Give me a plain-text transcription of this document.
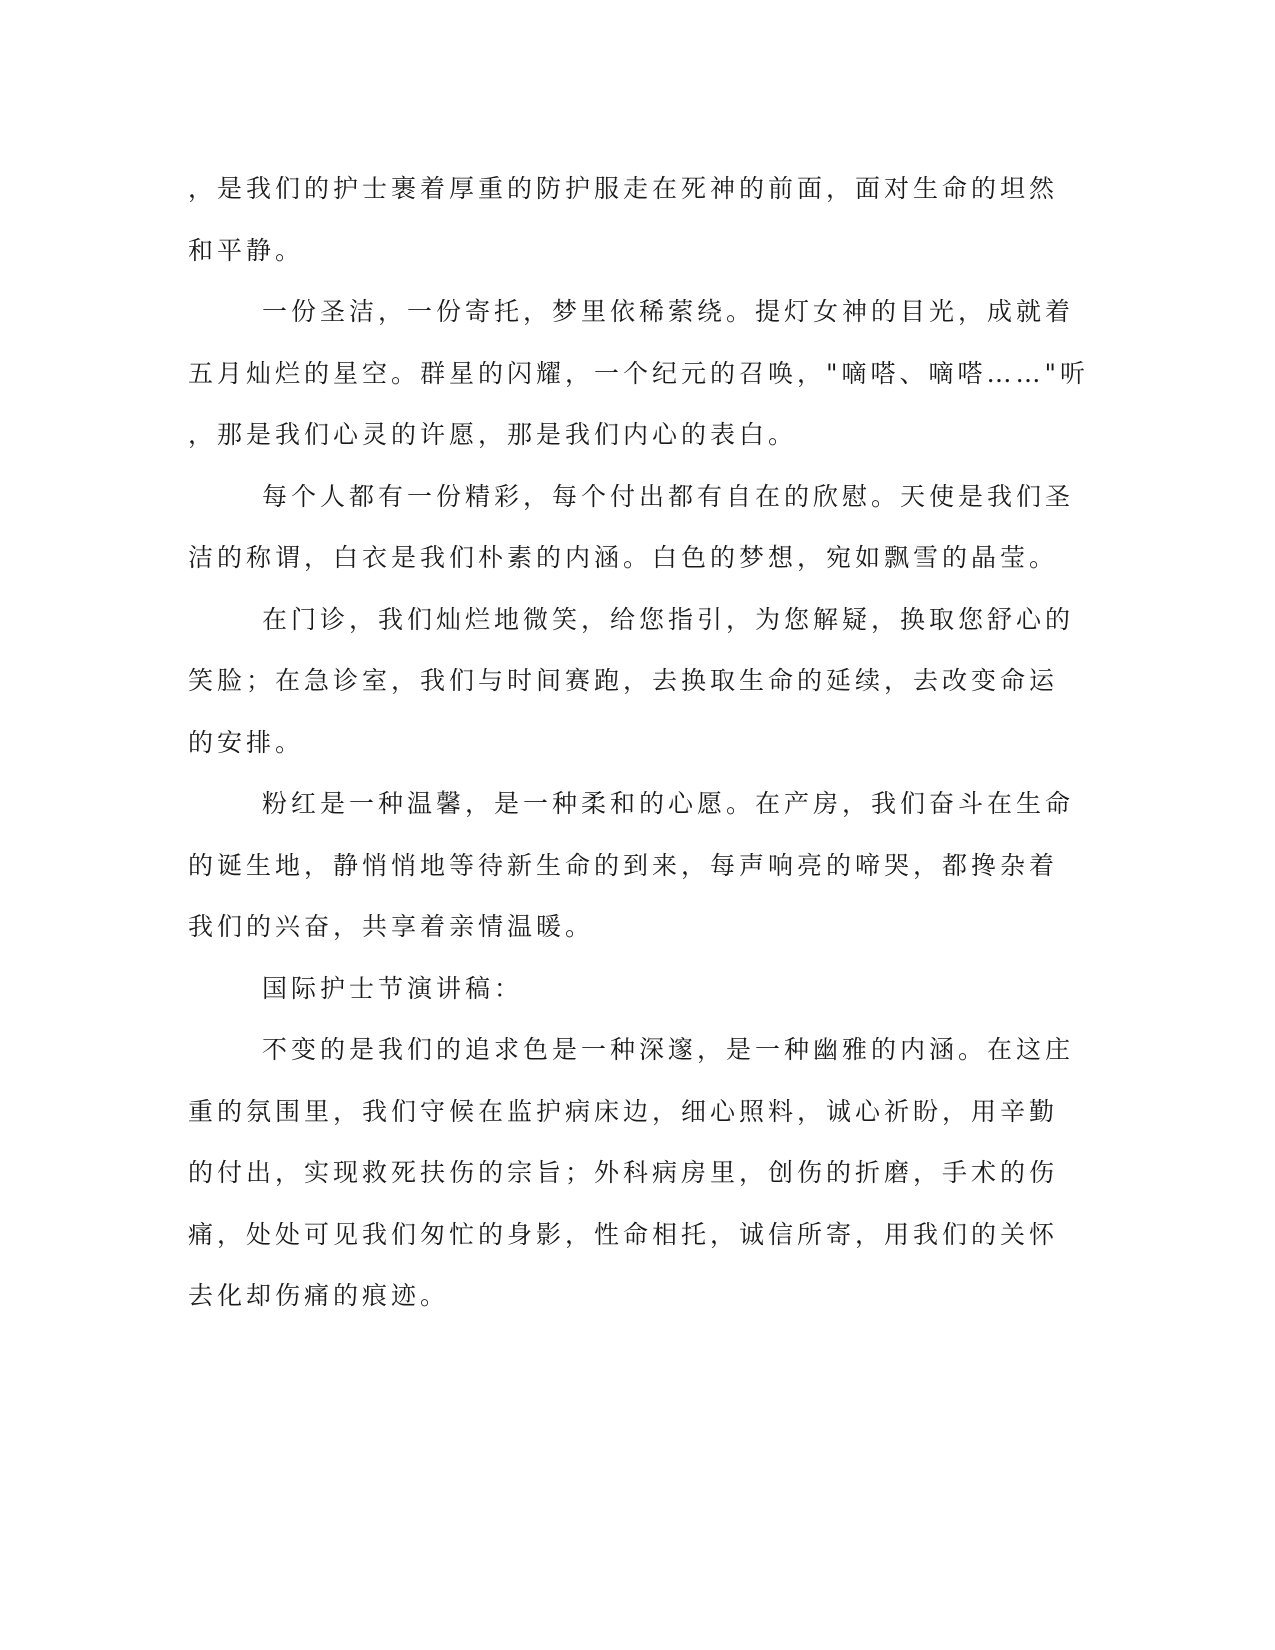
，是我们的护士裹着厚重的防护服走在死神的前面，面对生命的坦然
和平静。
一份圣洁，一份寄托，梦里依稀萦绕。提灯女神的目光，成就着
五月灿烂的星空。群星的闪耀，一个纪元的召唤，"嘀嗒、嘀嗒……"听
，那是我们心灵的许愿，那是我们内心的表白。
每个人都有一份精彩，每个付出都有自在的欣慰。天使是我们圣
洁的称谓，白衣是我们朴素的内涵。白色的梦想，宛如飘雪的晶莹。
在门诊，我们灿烂地微笑，给您指引，为您解疑，换取您舒心的
笑脸；在急诊室，我们与时间赛跑，去换取生命的延续，去改变命运
的安排。
粉红是一种温馨，是一种柔和的心愿。在产房，我们奋斗在生命
的诞生地，静悄悄地等待新生命的到来，每声响亮的啼哭，都搀杂着
我们的兴奋，共享着亲情温暖。
国际护士节演讲稿：
不变的是我们的追求色是一种深邃，是一种幽雅的内涵。在这庄
重的氛围里，我们守候在监护病床边，细心照料，诚心祈盼，用辛勤
的付出，实现救死扶伤的宗旨；外科病房里，创伤的折磨，手术的伤
痛，处处可见我们匆忙的身影，性命相托，诚信所寄，用我们的关怀
去化却伤痛的痕迹。
